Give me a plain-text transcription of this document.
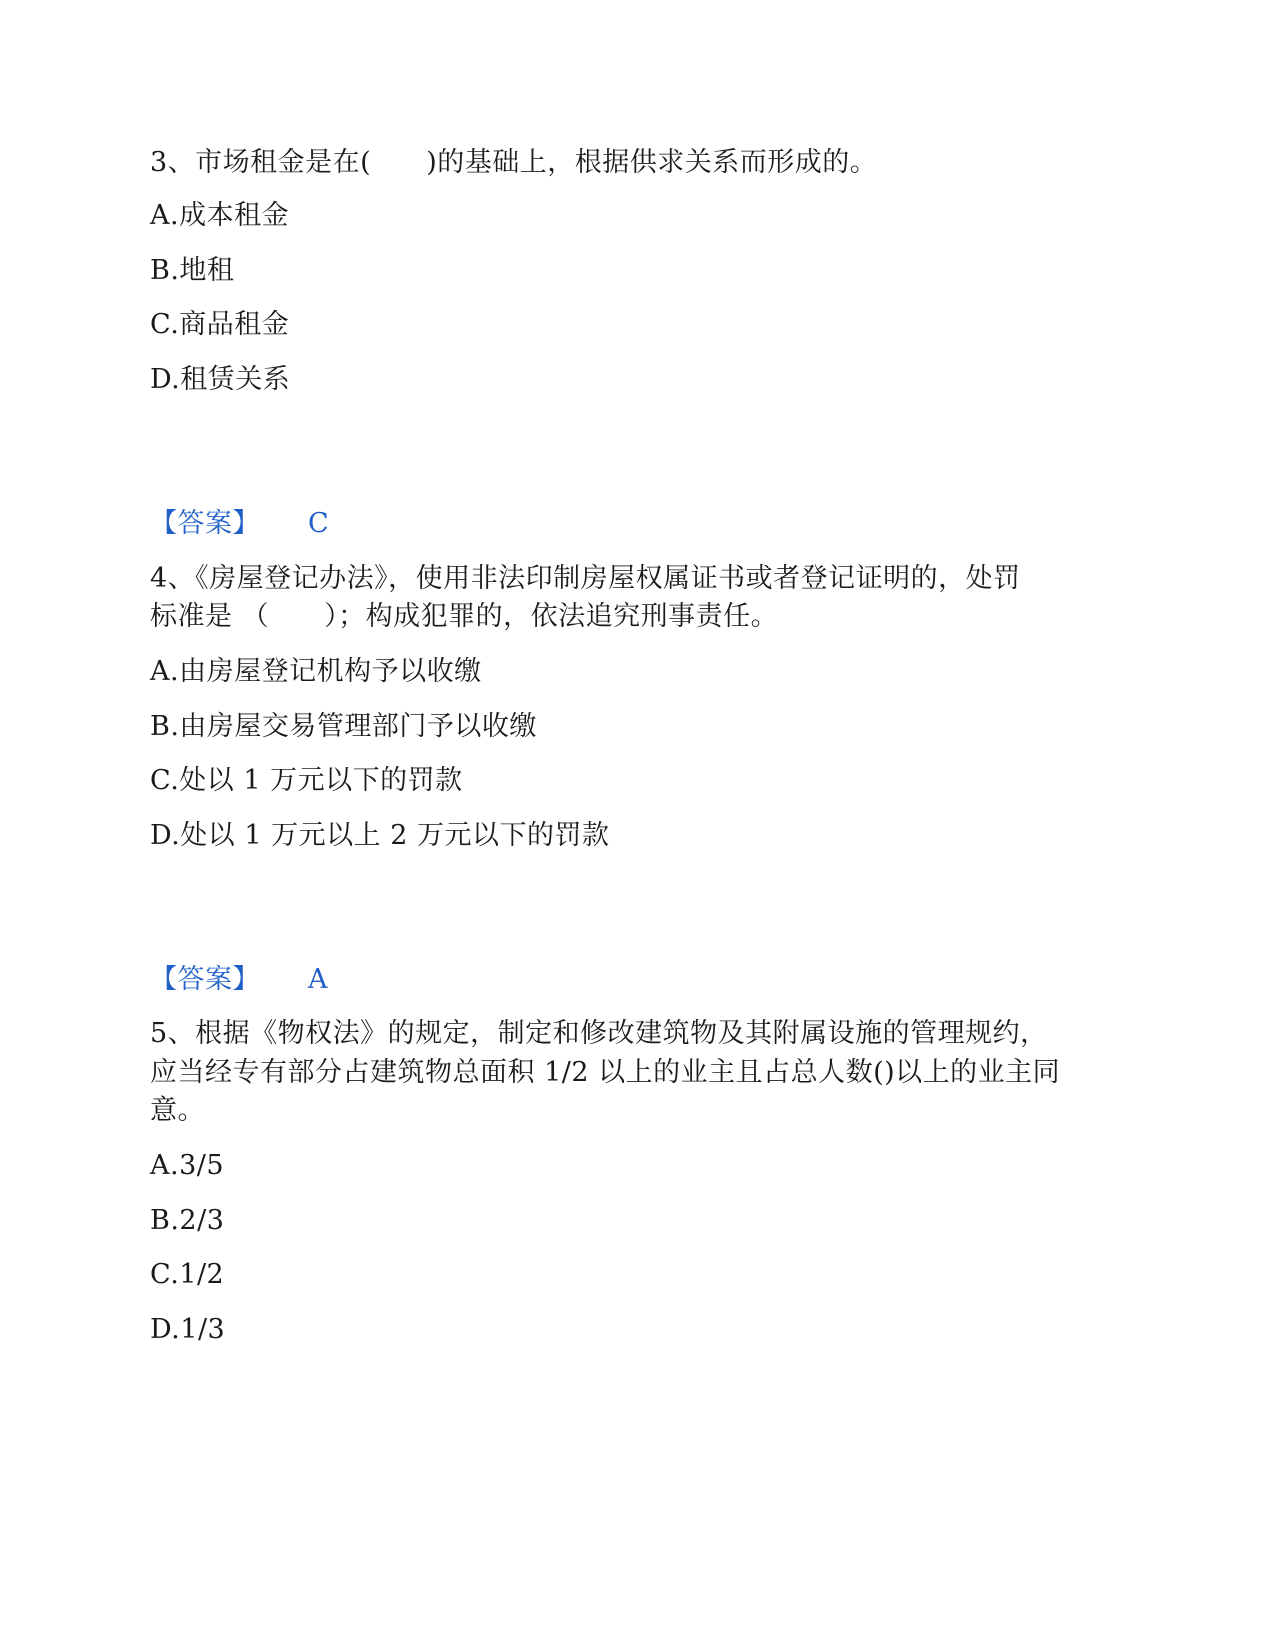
3、市场租金是在(　　)的基础上，根据供求关系而形成的。
A.成本租金
B.地租
C.商品租金
D.租赁关系
【答案】 C
4、《房屋登记办法》，使用非法印制房屋权属证书或者登记证明的，处罚
标准是 （　　）；构成犯罪的，依法追究刑事责任。
A.由房屋登记机构予以收缴
B.由房屋交易管理部门予以收缴
C.处以 1 万元以下的罚款
D.处以 1 万元以上 2 万元以下的罚款
【答案】 A
5、根据《物权法》的规定，制定和修改建筑物及其附属设施的管理规约，
应当经专有部分占建筑物总面积 1/2 以上的业主且占总人数()以上的业主同
意。
A.3/5
B.2/3
C.1/2
D.1/3
